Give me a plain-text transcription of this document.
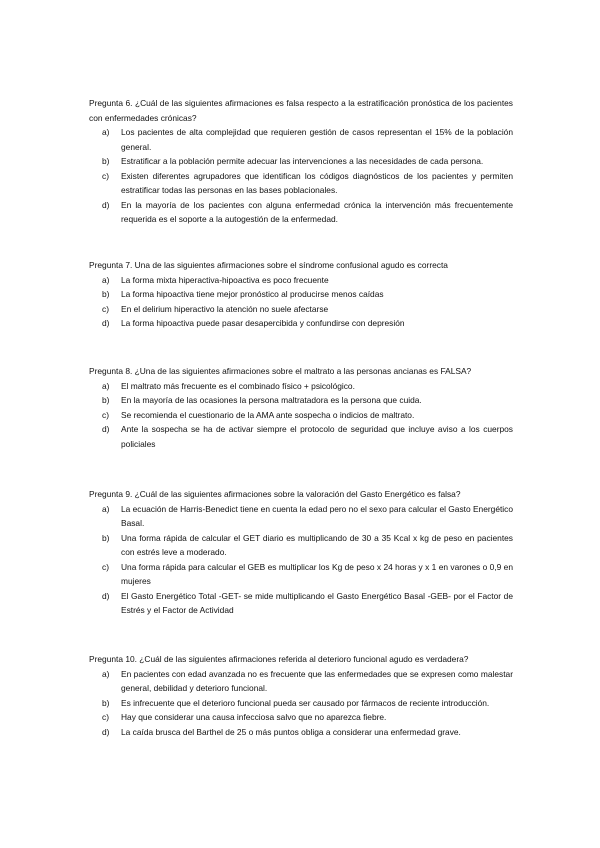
Pregunta 6. ¿Cuál de las siguientes afirmaciones es falsa respecto a la estratificación pronóstica de los pacientes con enfermedades crónicas?
a) Los pacientes de alta complejidad que requieren gestión de casos representan el 15% de la población general.
b) Estratificar a la población permite adecuar las intervenciones a las necesidades de cada persona.
c) Existen diferentes agrupadores que identifican los códigos diagnósticos de los pacientes y permiten estratificar todas las personas en las bases poblacionales.
d) En la mayoría de los pacientes con alguna enfermedad crónica la intervención más frecuentemente requerida es el soporte a la autogestión de la enfermedad.
Pregunta 7. Una de las siguientes afirmaciones sobre el síndrome confusional agudo es correcta
a) La forma mixta hiperactiva-hipoactiva es poco frecuente
b) La forma hipoactiva tiene mejor pronóstico al producirse menos caídas
c) En el delirium hiperactivo la atención no suele afectarse
d) La forma hipoactiva puede pasar desapercibida y confundirse con depresión
Pregunta 8. ¿Una de las siguientes afirmaciones sobre el maltrato a las personas ancianas es FALSA?
a) El maltrato más frecuente es el combinado físico + psicológico.
b) En la mayoría de las ocasiones la persona maltratadora es la persona que cuida.
c) Se recomienda el cuestionario de la AMA ante sospecha o indicios de maltrato.
d) Ante la sospecha se ha de activar siempre el protocolo de seguridad que incluye aviso a los cuerpos policiales
Pregunta 9. ¿Cuál de las siguientes afirmaciones sobre la valoración del Gasto Energético es falsa?
a) La ecuación de Harris-Benedict tiene en cuenta la edad pero no el sexo para calcular el Gasto Energético Basal.
b) Una forma rápida de calcular el GET diario es multiplicando de 30 a 35 Kcal x kg de peso en pacientes con estrés leve a moderado.
c) Una forma rápida para calcular el GEB es multiplicar los Kg de peso x 24 horas y x 1 en varones o 0,9 en mujeres
d) El Gasto Energético Total -GET- se mide multiplicando el Gasto Energético Basal -GEB- por el Factor de Estrés y el Factor de Actividad
Pregunta 10. ¿Cuál de las siguientes afirmaciones referida al deterioro funcional agudo es verdadera?
a) En pacientes con edad avanzada no es frecuente que las enfermedades que se expresen como malestar general, debilidad y deterioro funcional.
b) Es infrecuente que el deterioro funcional pueda ser causado por fármacos de reciente introducción.
c) Hay que considerar una causa infecciosa salvo que no aparezca fiebre.
d) La caída brusca del Barthel de 25 o más puntos obliga a considerar una enfermedad grave.
